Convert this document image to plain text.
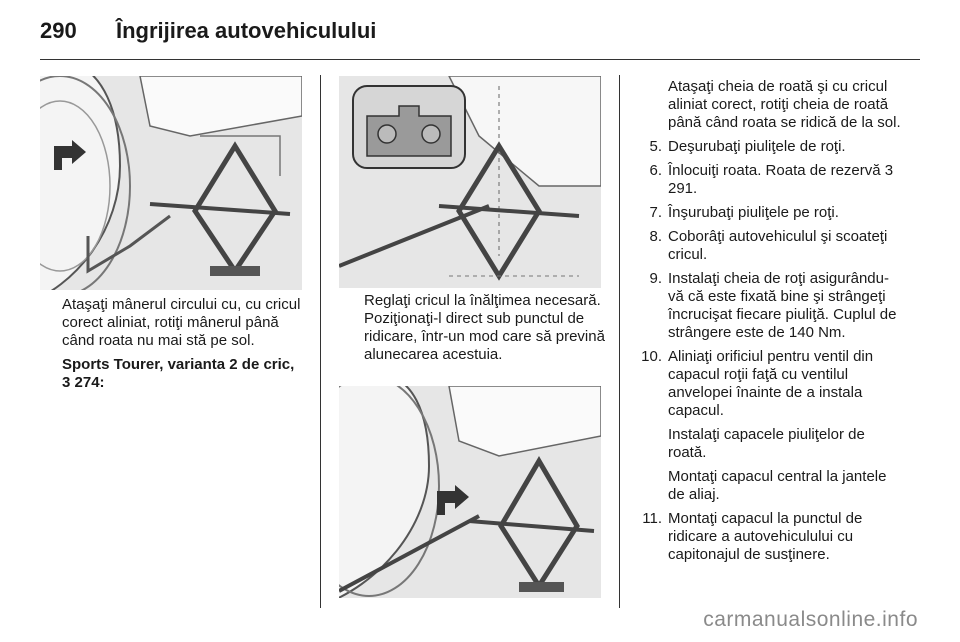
290 Îngrijirea autovehiculului

Ataşaţi mânerul circului cu, cu cricul corect aliniat, rotiţi mânerul până când roata nu mai stă pe sol.

Sports Tourer, varianta 2 de cric,
3 274:

Reglaţi cricul la înălţimea necesară. Poziţionaţi-l direct sub punctul de ridicare, într-un mod care să prevină alunecarea acestuia.

Ataşaţi cheia de roată şi cu cricul aliniat corect, rotiţi cheia de roată până când roata se ridică de la sol.

5. Deşurubaţi piuliţele de roţi.
6. Înlocuiţi roata. Roata de rezervă 3 291.
7. Înşurubaţi piuliţele pe roţi.
8. Coborâţi autovehiculul şi scoateţi cricul.
9. Instalaţi cheia de roţi asigurându-vă că este fixată bine şi strângeţi încrucişat fiecare piuliţă. Cuplul de strângere este de 140 Nm.
10. Aliniaţi orificiul pentru ventil din capacul roţii faţă cu ventilul anvelopei înainte de a instala capacul.
Instalaţi capacele piuliţelor de roată.
Montaţi capacul central la jantele de aliaj.
11. Montaţi capacul la punctul de ridicare a autovehiculului cu capitonajul de susţinere.
carmanualsonline.info
